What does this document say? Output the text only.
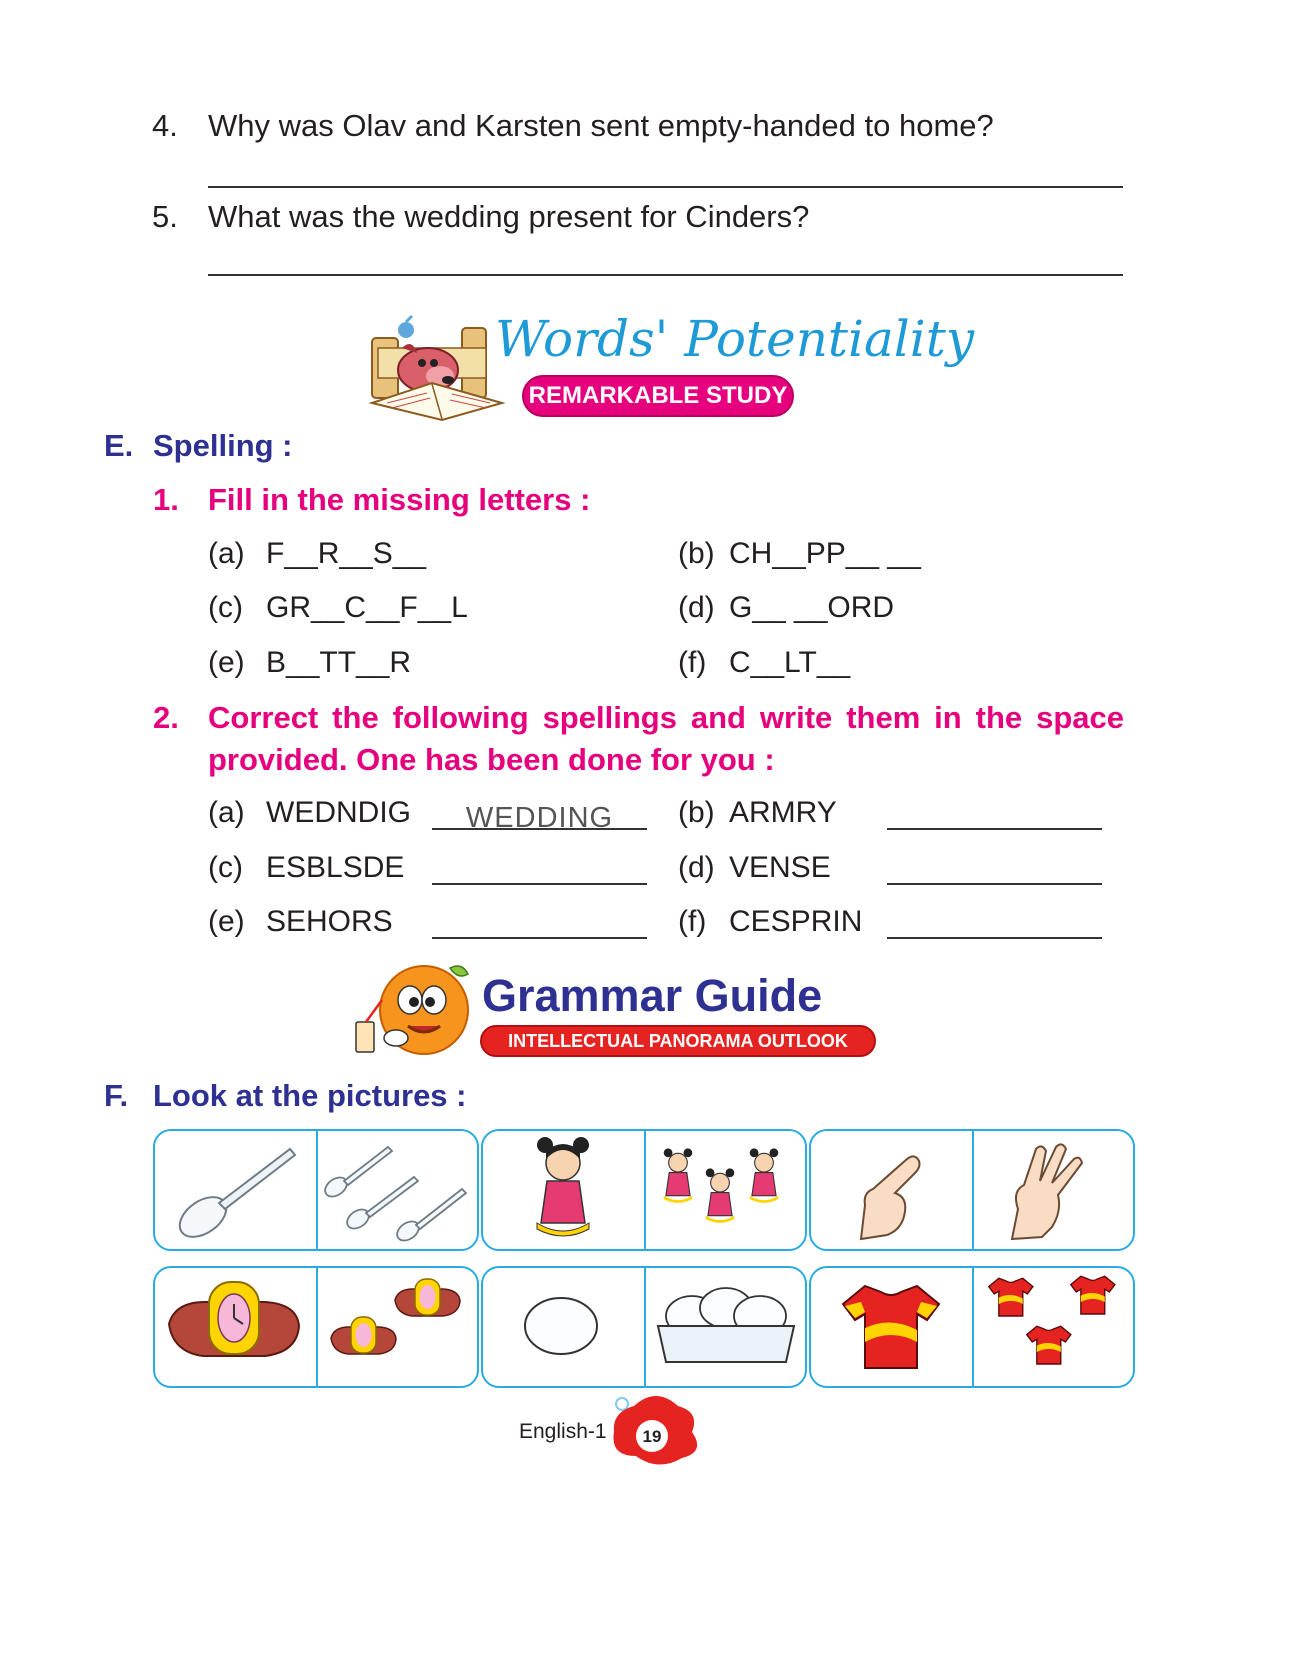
4. Why was Olav and Karsten sent empty-handed to home?
5. What was the wedding present for Cinders?
Words' Potentiality
REMARKABLE STUDY
E. Spelling :
1. Fill in the missing letters :
(a) F__R__S__	(b) CH__PP__ __
(c) GR__C__F__L	(d) G__ __ORD
(e) B__TT__R	(f) C__LT__
2. Correct the following spellings and write them in the space
provided. One has been done for you :
(a) WEDNDIG	WEDDING	(b) ARMRY
(c) ESBLSDE	(d) VENSE
(e) SEHORS	(f) CESPRIN
Grammar Guide
INTELLECTUAL PANORAMA OUTLOOK
F. Look at the pictures :
English-1	19
